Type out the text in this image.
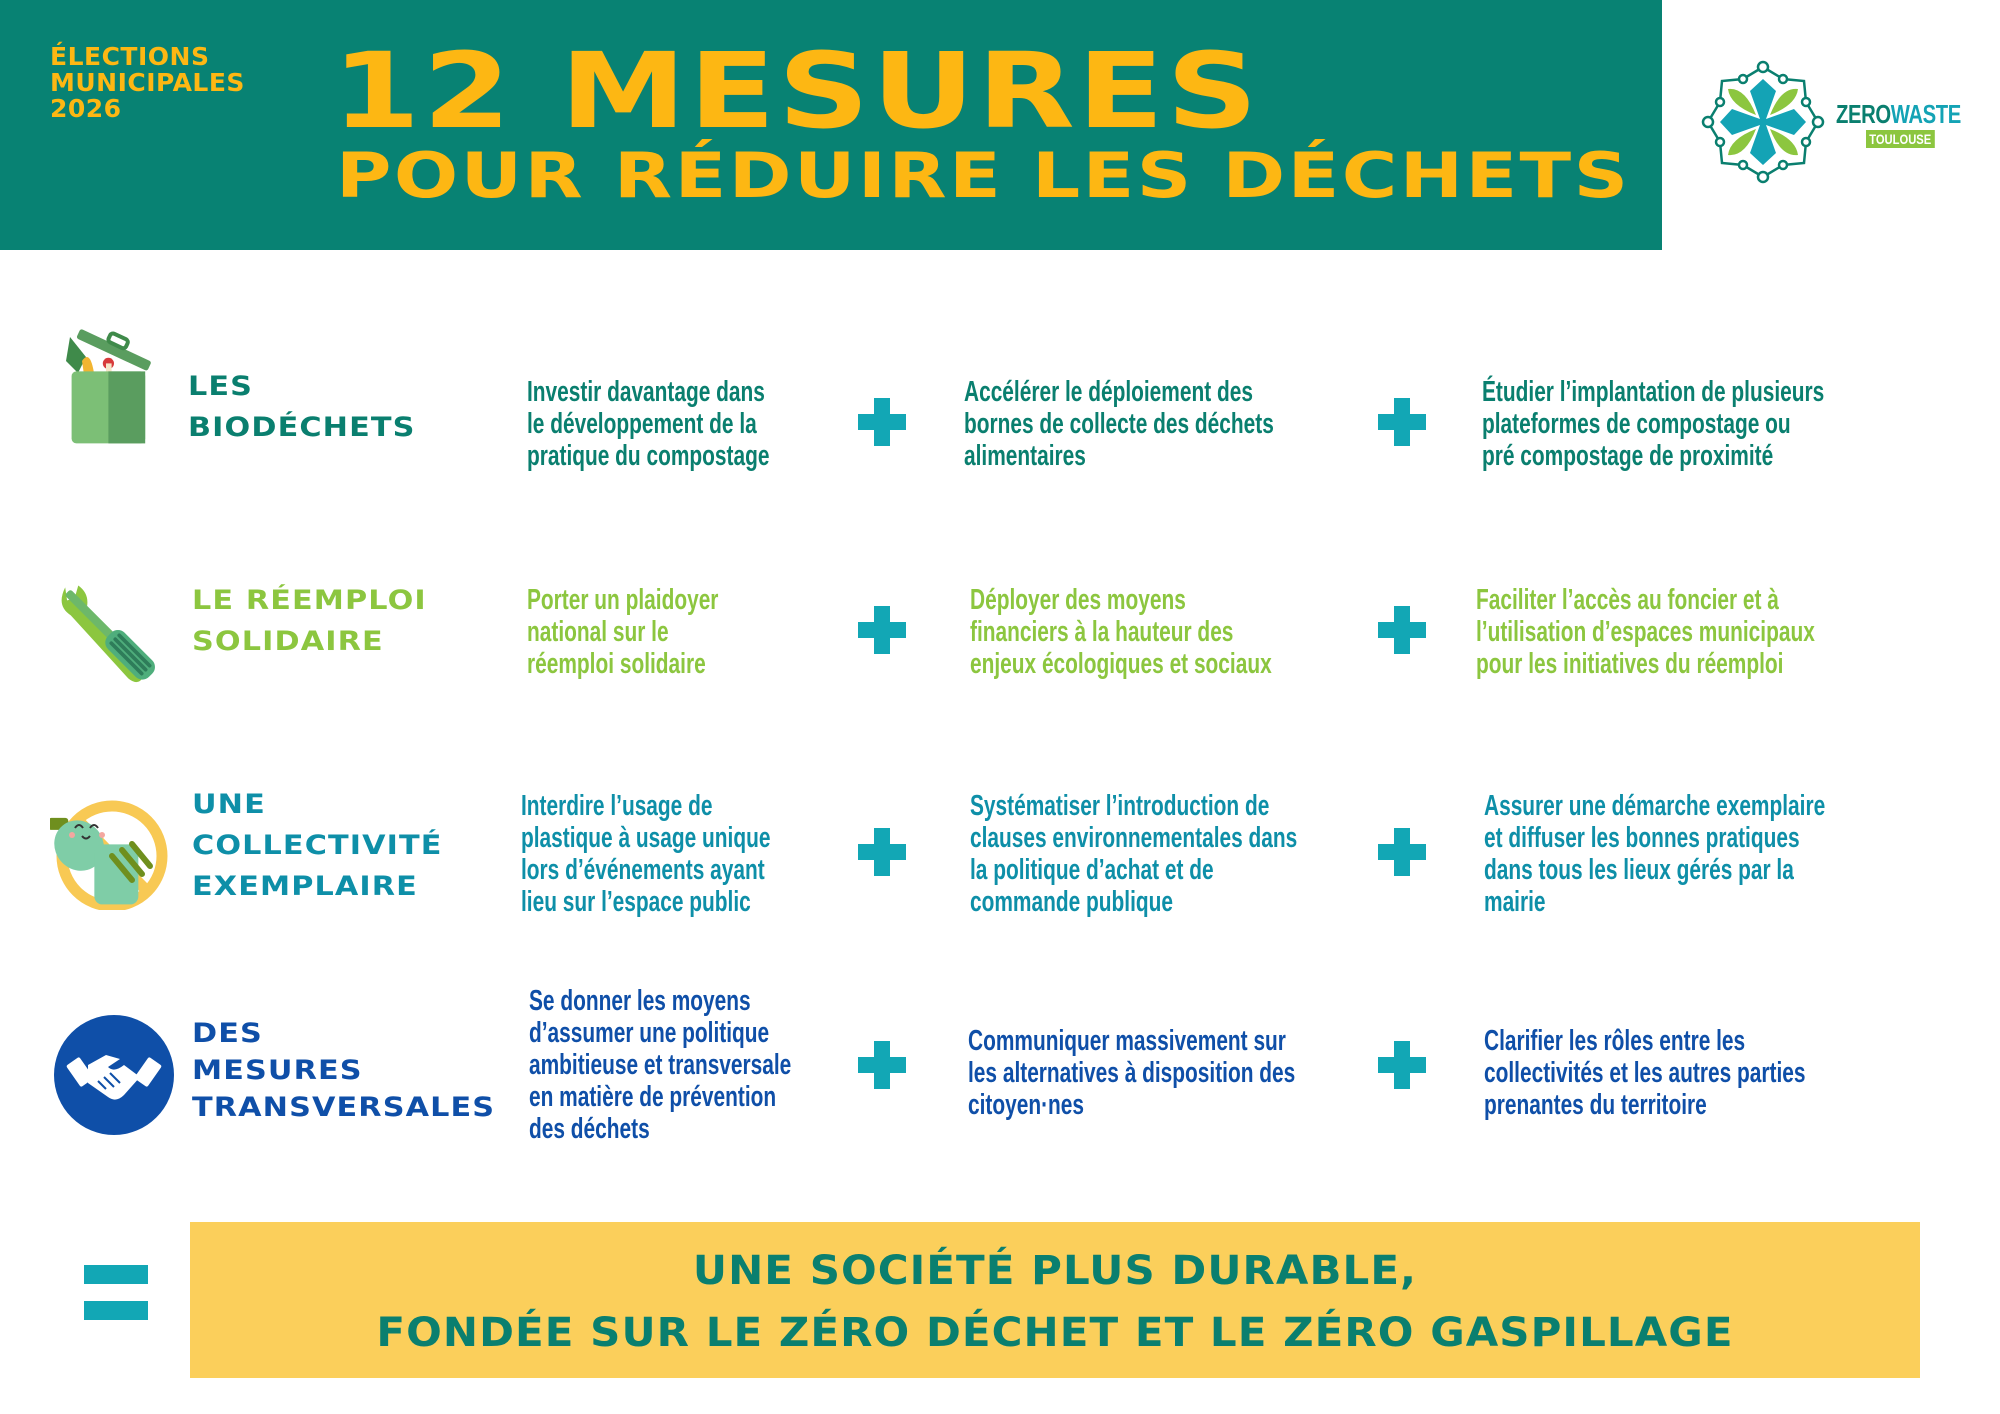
ÉLECTIONS
MUNICIPALES
2026	12 MESURES
POUR RÉDUIRE LES DÉCHETS
ZEROWASTE
TOULOUSE
LES
BIODÉCHETS
Investir davantage dans
le développement de la
pratique du compostage
Accélérer le déploiement des
bornes de collecte des déchets
alimentaires
Étudier l’implantation de plusieurs
plateformes de compostage ou
pré compostage de proximité
LE RÉEMPLOI
SOLIDAIRE
Porter un plaidoyer
national sur le
réemploi solidaire
Déployer des moyens
financiers à la hauteur des
enjeux écologiques et sociaux
Faciliter l’accès au foncier et à
l’utilisation d’espaces municipaux
pour les initiatives du réemploi
UNE
COLLECTIVITÉ
EXEMPLAIRE
Interdire l’usage de
plastique à usage unique
lors d’événements ayant
lieu sur l’espace public
Systématiser l’introduction de
clauses environnementales dans
la politique d’achat et de
commande publique
Assurer une démarche exemplaire
et diffuser les bonnes pratiques
dans tous les lieux gérés par la
mairie
DES
MESURES
TRANSVERSALES
Se donner les moyens
d’assumer une politique
ambitieuse et transversale
en matière de prévention
des déchets
Communiquer massivement sur
les alternatives à disposition des
citoyen·nes
Clarifier les rôles entre les
collectivités et les autres parties
prenantes du territoire
UNE SOCIÉTÉ PLUS DURABLE,
FONDÉE SUR LE ZÉRO DÉCHET ET LE ZÉRO GASPILLAGE
